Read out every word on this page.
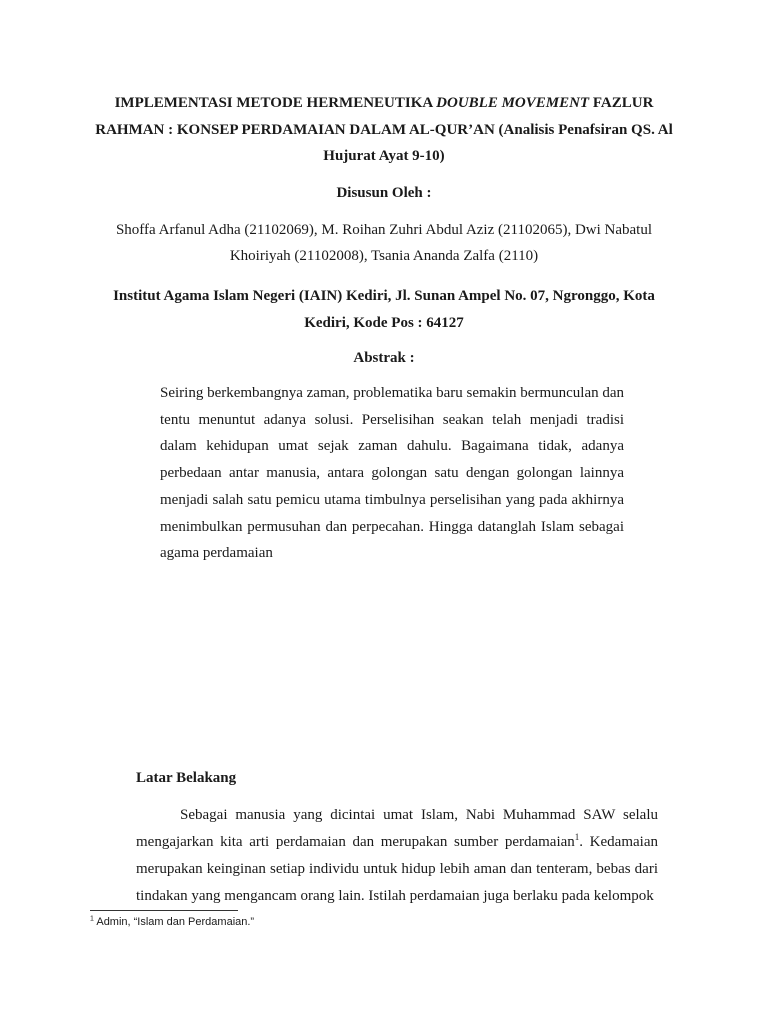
IMPLEMENTASI METODE HERMENEUTIKA DOUBLE MOVEMENT FAZLUR RAHMAN : KONSEP PERDAMAIAN DALAM AL-QUR’AN (Analisis Penafsiran QS. Al Hujurat Ayat 9-10)
Disusun Oleh :
Shoffa Arfanul Adha (21102069), M. Roihan Zuhri Abdul Aziz (21102065), Dwi Nabatul Khoiriyah (21102008), Tsania Ananda Zalfa (2110)
Institut Agama Islam Negeri (IAIN) Kediri, Jl. Sunan Ampel No. 07, Ngronggo, Kota Kediri, Kode Pos : 64127
Abstrak :
Seiring berkembangnya zaman, problematika baru semakin bermunculan dan tentu menuntut adanya solusi. Perselisihan seakan telah menjadi tradisi dalam kehidupan umat sejak zaman dahulu. Bagaimana tidak, adanya perbedaan antar manusia, antara golongan satu dengan golongan lainnya menjadi salah satu pemicu utama timbulnya perselisihan yang pada akhirnya menimbulkan permusuhan dan perpecahan. Hingga datanglah Islam sebagai agama perdamaian
Latar Belakang
Sebagai manusia yang dicintai umat Islam, Nabi Muhammad SAW selalu mengajarkan kita arti perdamaian dan merupakan sumber perdamaian$^1$. Kedamaian merupakan keinginan setiap individu untuk hidup lebih aman dan tenteram, bebas dari tindakan yang mengancam orang lain. Istilah perdamaian juga berlaku pada kelompok
$^1$ Admin, “Islam dan Perdamaian.”
